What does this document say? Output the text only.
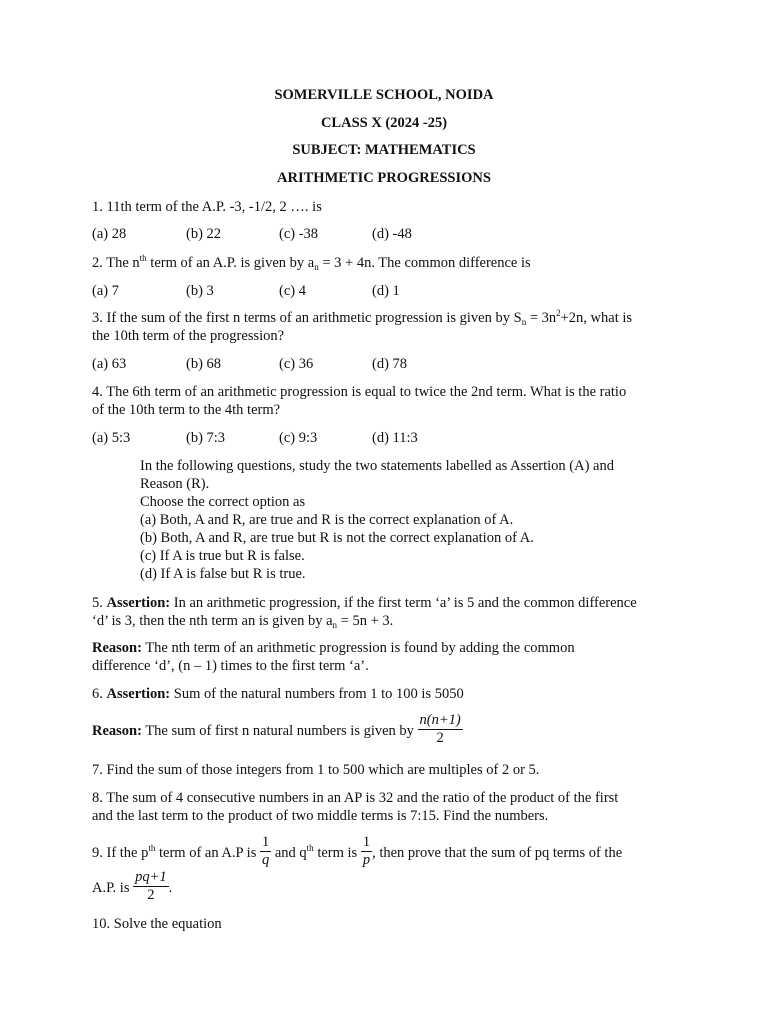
SOMERVILLE SCHOOL, NOIDA
CLASS X (2024 -25)
SUBJECT: MATHEMATICS
ARITHMETIC PROGRESSIONS
1. 11th term of the A.P. -3, -1/2, 2 …. is
(a) 28	(b) 22	(c) -38	(d) -48
2. The $n^{th}$ term of an A.P. is given by $a_n = 3 + 4n$. The common difference is
(a) 7	(b) 3	(c) 4	(d) 1
3. If the sum of the first n terms of an arithmetic progression is given by $S_n = 3n^2+2n$, what is
the 10th term of the progression?
(a) 63	(b) 68	(c) 36	(d) 78
4. The 6th term of an arithmetic progression is equal to twice the 2nd term. What is the ratio
of the 10th term to the 4th term?
(a) 5:3	(b) 7:3	(c) 9:3	(d) 11:3
In the following questions, study the two statements labelled as Assertion (A) and
Reason (R).
Choose the correct option as
(a) Both, A and R, are true and R is the correct explanation of A.
(b) Both, A and R, are true but R is not the correct explanation of A.
(c) If A is true but R is false.
(d) If A is false but R is true.
5. Assertion: In an arithmetic progression, if the first term ‘a’ is 5 and the common difference
‘d’ is 3, then the nth term an is given by $a_n = 5n + 3$.
Reason: The nth term of an arithmetic progression is found by adding the common
difference ‘d’, (n – 1) times to the first term ‘a’.
6. Assertion: Sum of the natural numbers from 1 to 100 is 5050
Reason: The sum of first n natural numbers is given by $\frac{n(n+1)}{2}$
7. Find the sum of those integers from 1 to 500 which are multiples of 2 or 5.
8. The sum of 4 consecutive numbers in an AP is 32 and the ratio of the product of the first
and the last term to the product of two middle terms is 7:15. Find the numbers.
9. If the $p^{th}$ term of an A.P is $\frac{1}{q}$ and $q^{th}$ term is $\frac{1}{p}$ , then prove that the sum of pq terms of the
A.P. is $\frac{pq+1}{2}$ .
10. Solve the equation
